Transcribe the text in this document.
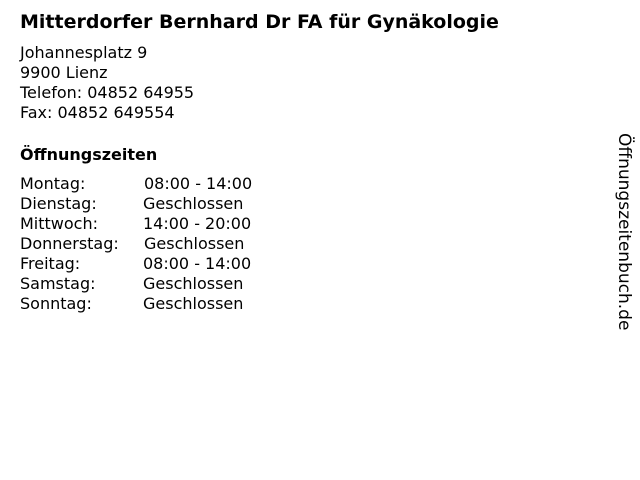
Mitterdorfer Bernhard Dr FA für Gynäkologie
Johannesplatz 9
9900 Lienz
Telefon: 04852 64955
Fax: 04852 649554
Öffnungszeiten
Montag:	08:00 - 14:00
Dienstag:	Geschlossen
Mittwoch:	14:00 - 20:00
Donnerstag: Geschlossen
Freitag:	08:00 - 14:00
Samstag:	Geschlossen
Sonntag:	Geschlossen	Öffnungszeitenbuch.de
